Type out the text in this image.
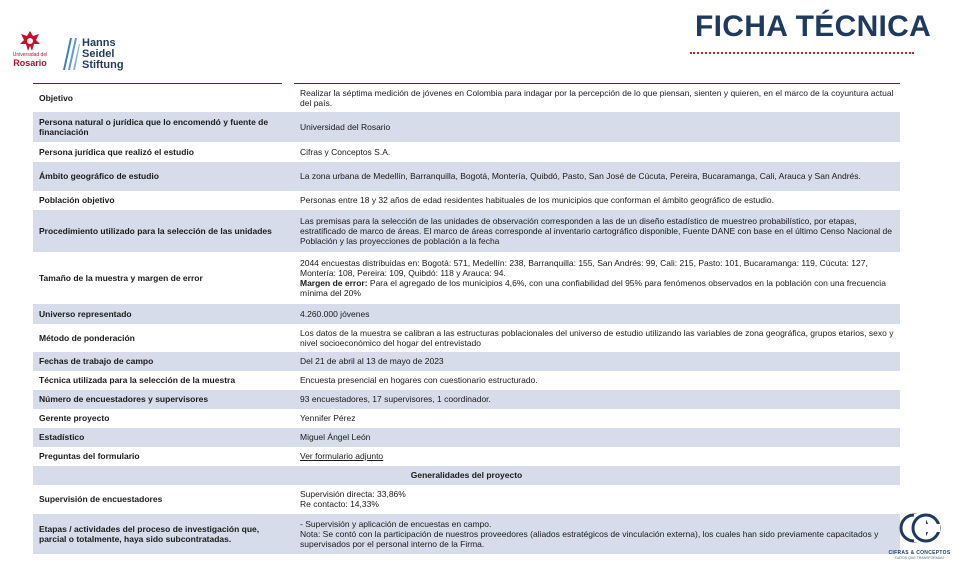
Universidad del
Rosario
Hanns
Seidel
Stiftung
FICHA TÉCNICA
Objetivo	Realizar la séptima medición de jóvenes en Colombia para indagar por la percepción de lo que piensan, sienten y quieren, en el marco de la coyuntura actual del país.
Persona natural o jurídica que lo encomendó y fuente de financiación	Universidad del Rosario
Persona jurídica que realizó el estudio	Cifras y Conceptos S.A.
Ámbito geográfico de estudio	La zona urbana de Medellín, Barranquilla, Bogotá, Montería, Quibdó, Pasto, San José de Cúcuta, Pereira, Bucaramanga, Cali, Arauca y San Andrés.
Población objetivo	Personas entre 18 y 32 años de edad residentes habituales de los municipios que conforman el ámbito geográfico de estudio.
Procedimiento utilizado para la selección de las unidades	Las premisas para la selección de las unidades de observación corresponden a las de un diseño estadístico de muestreo probabilístico, por etapas, estratificado de marco de áreas. El marco de áreas corresponde al inventario cartográfico disponible, Fuente DANE con base en el último Censo Nacional de Población y las proyecciones de población a la fecha
Tamaño de la muestra y margen de error	2044 encuestas distribuidas en: Bogotá: 571, Medellín: 238, Barranquilla: 155, San Andrés: 99, Cali: 215, Pasto: 101, Bucaramanga: 119, Cúcuta: 127, Montería: 108, Pereira: 109, Quibdó: 118 y Arauca: 94.
Margen de error: Para el agregado de los municipios 4,6%, con una confiabilidad del 95% para fenómenos observados en la población con una frecuencia mínima del 20%
Universo representado	4.260.000 jóvenes
Método de ponderación	Los datos de la muestra se calibran a las estructuras poblacionales del universo de estudio utilizando las variables de zona geográfica, grupos etarios, sexo y nivel socioeconómico del hogar del entrevistado
Fechas de trabajo de campo	Del 21 de abril al 13 de mayo de 2023
Técnica utilizada para la selección de la muestra	Encuesta presencial en hogares con cuestionario estructurado.
Número de encuestadores y supervisores	93 encuestadores, 17 supervisores, 1 coordinador.
Gerente proyecto	Yennifer Pérez
Estadístico	Miguel Ángel León
Preguntas del formulario	Ver formulario adjunto
Generalidades del proyecto	
Supervisión de encuestadores	Supervisión directa: 33,86%
Re contacto: 14,33%
Etapas / actividades del proceso de investigación que, parcial o totalmente, haya sido subcontratadas.	- Supervisión y aplicación de encuestas en campo.
Nota: Se contó con la participación de nuestros proveedores (aliados estratégicos de vinculación externa), los cuales han sido previamente capacitados y supervisados por el personal interno de la Firma.
CIFRAS & CONCEPTOS
DATOS QUE TRANSFORMAN
